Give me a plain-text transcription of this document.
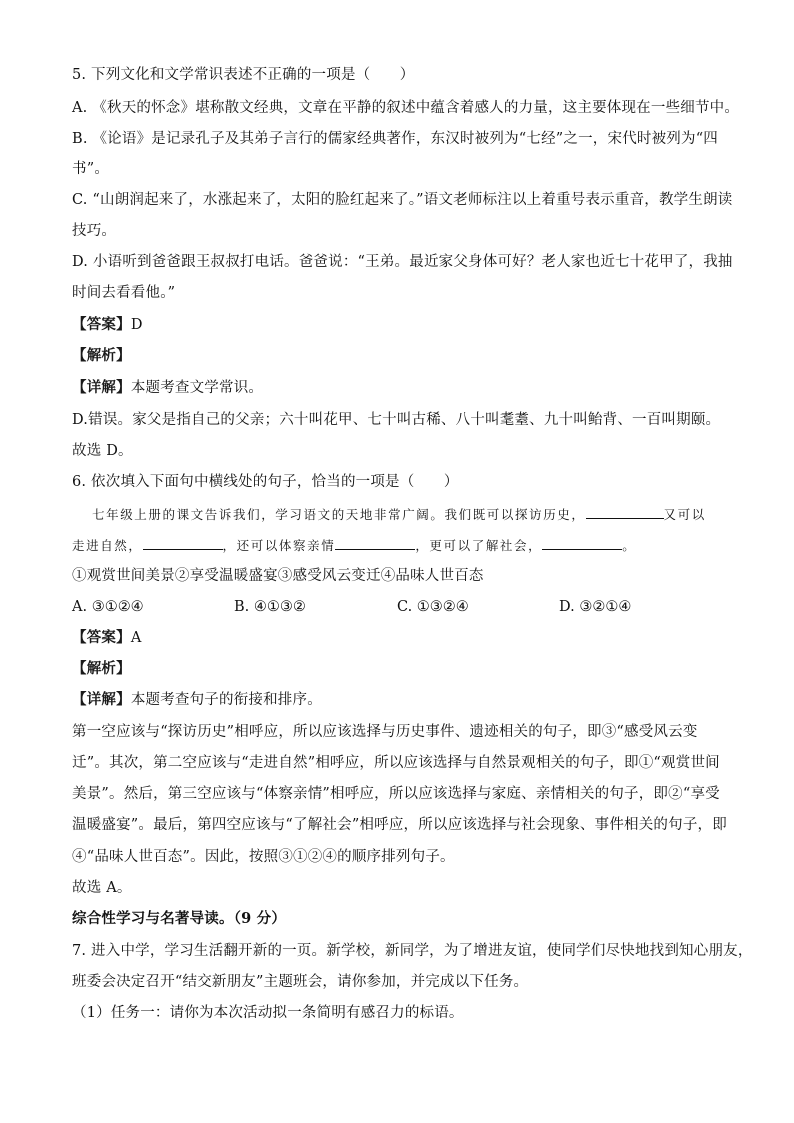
5. 下列文化和文学常识表述不正确的一项是（　　）
A. 《秋天的怀念》堪称散文经典，文章在平静的叙述中蕴含着感人的力量，这主要体现在一些细节中。
B. 《论语》是记录孔子及其弟子言行的儒家经典著作，东汉时被列为“七经”之一，宋代时被列为“四
书”。
C. “山朗润起来了，水涨起来了，太阳的脸红起来了。”语文老师标注以上着重号表示重音，教学生朗读
技巧。
D. 小语听到爸爸跟王叔叔打电话。爸爸说：“王弟。最近家父身体可好？老人家也近七十花甲了，我抽
时间去看看他。”
【答案】D
【解析】
【详解】本题考查文学常识。
D.错误。家父是指自己的父亲；六十叫花甲、七十叫古稀、八十叫耄耋、九十叫鲐背、一百叫期颐。
故选 D。
6. 依次填入下面句中横线处的句子，恰当的一项是（　　）
七年级上册的课文告诉我们，学习语文的天地非常广阔。我们既可以探访历史，	又可以
走进自然，	，还可以体察亲情	，更可以了解社会，	。
①观赏世间美景②享受温暖盛宴③感受风云变迁④品味人世百态
A. ③①②④	B. ④①③②	C. ①③②④	D. ③②①④
【答案】A
【解析】
【详解】本题考查句子的衔接和排序。
第一空应该与“探访历史”相呼应，所以应该选择与历史事件、遗迹相关的句子，即③“感受风云变
迁”。其次，第二空应该与“走进自然”相呼应，所以应该选择与自然景观相关的句子，即①“观赏世间
美景”。然后，第三空应该与“体察亲情”相呼应，所以应该选择与家庭、亲情相关的句子，即②“享受
温暖盛宴”。最后，第四空应该与“了解社会”相呼应，所以应该选择与社会现象、事件相关的句子，即
④“品味人世百态”。因此，按照③①②④的顺序排列句子。
故选 A。
综合性学习与名著导读。（9 分）
7. 进入中学，学习生活翻开新的一页。新学校，新同学，为了增进友谊，使同学们尽快地找到知心朋友，
班委会决定召开“结交新朋友”主题班会，请你参加，并完成以下任务。
（1）任务一：请你为本次活动拟一条简明有感召力的标语。
